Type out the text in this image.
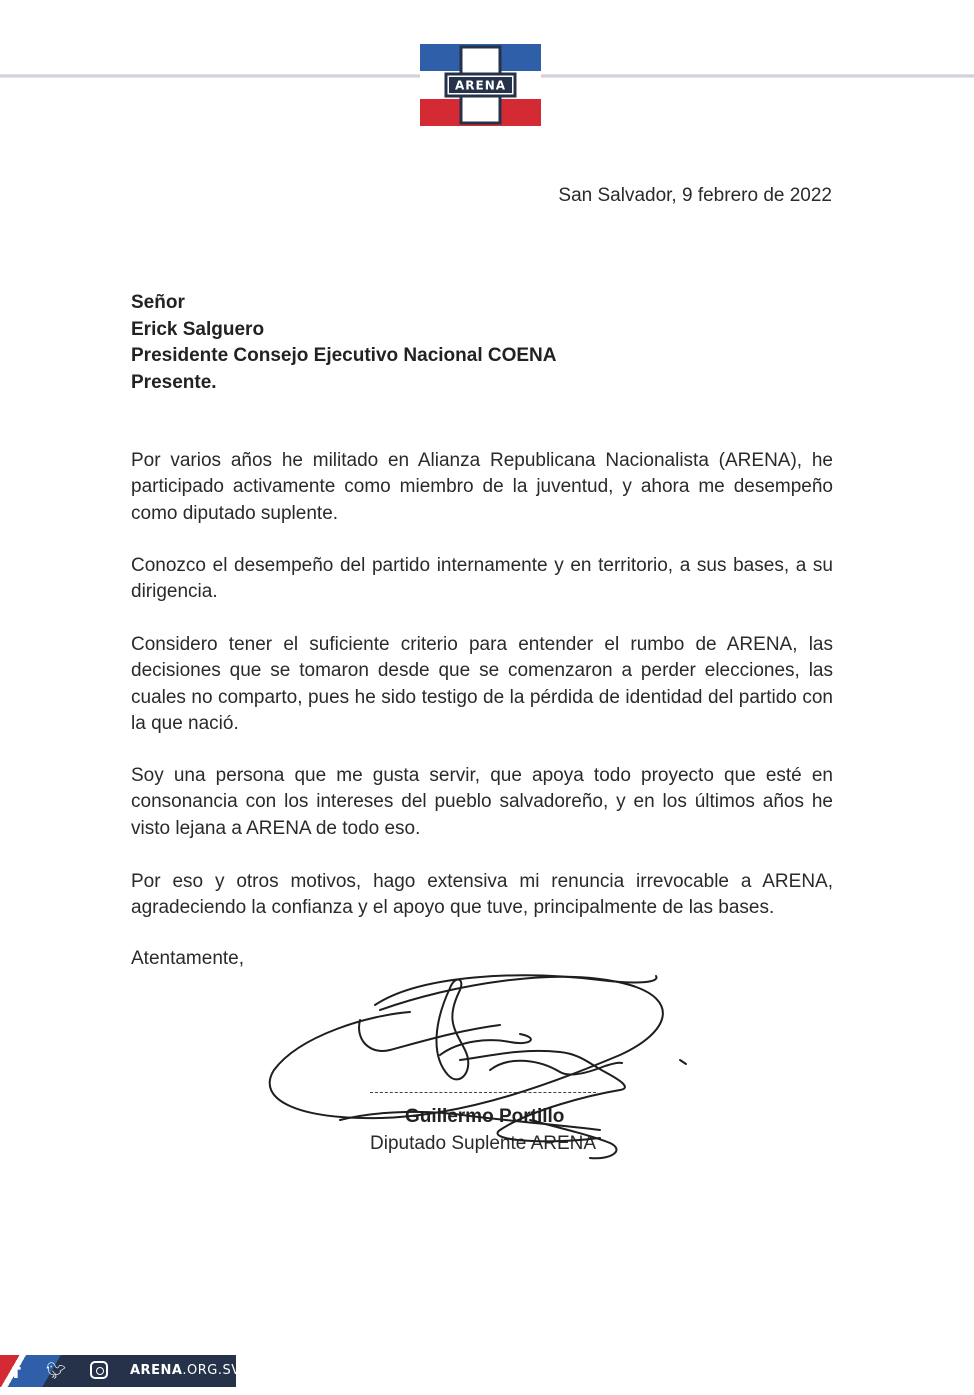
ARENA
San Salvador, 9 febrero de 2022
Señor
Erick Salguero
Presidente Consejo Ejecutivo Nacional COENA
Presente.
Por varios años he militado en Alianza Republicana Nacionalista (ARENA), he participado activamente como miembro de la juventud, y ahora me desempeño como diputado suplente.
Conozco el desempeño del partido internamente y en territorio, a sus bases, a su dirigencia.
Considero tener el suficiente criterio para entender el rumbo de ARENA, las decisiones que se tomaron desde que se comenzaron a perder elecciones, las cuales no comparto, pues he sido testigo de la pérdida de identidad del partido con la que nació.
Soy una persona que me gusta servir, que apoya todo proyecto que esté en consonancia con los intereses del pueblo salvadoreño, y en los últimos años he visto lejana a ARENA de todo eso.
Por eso y otros motivos, hago extensiva mi renuncia irrevocable a ARENA, agradeciendo la confianza y el apoyo que tuve, principalmente de las bases.
Atentamente,
Guillermo Portillo
Diputado Suplente ARENA
f 🐦︎	ARENA.ORG.SV
